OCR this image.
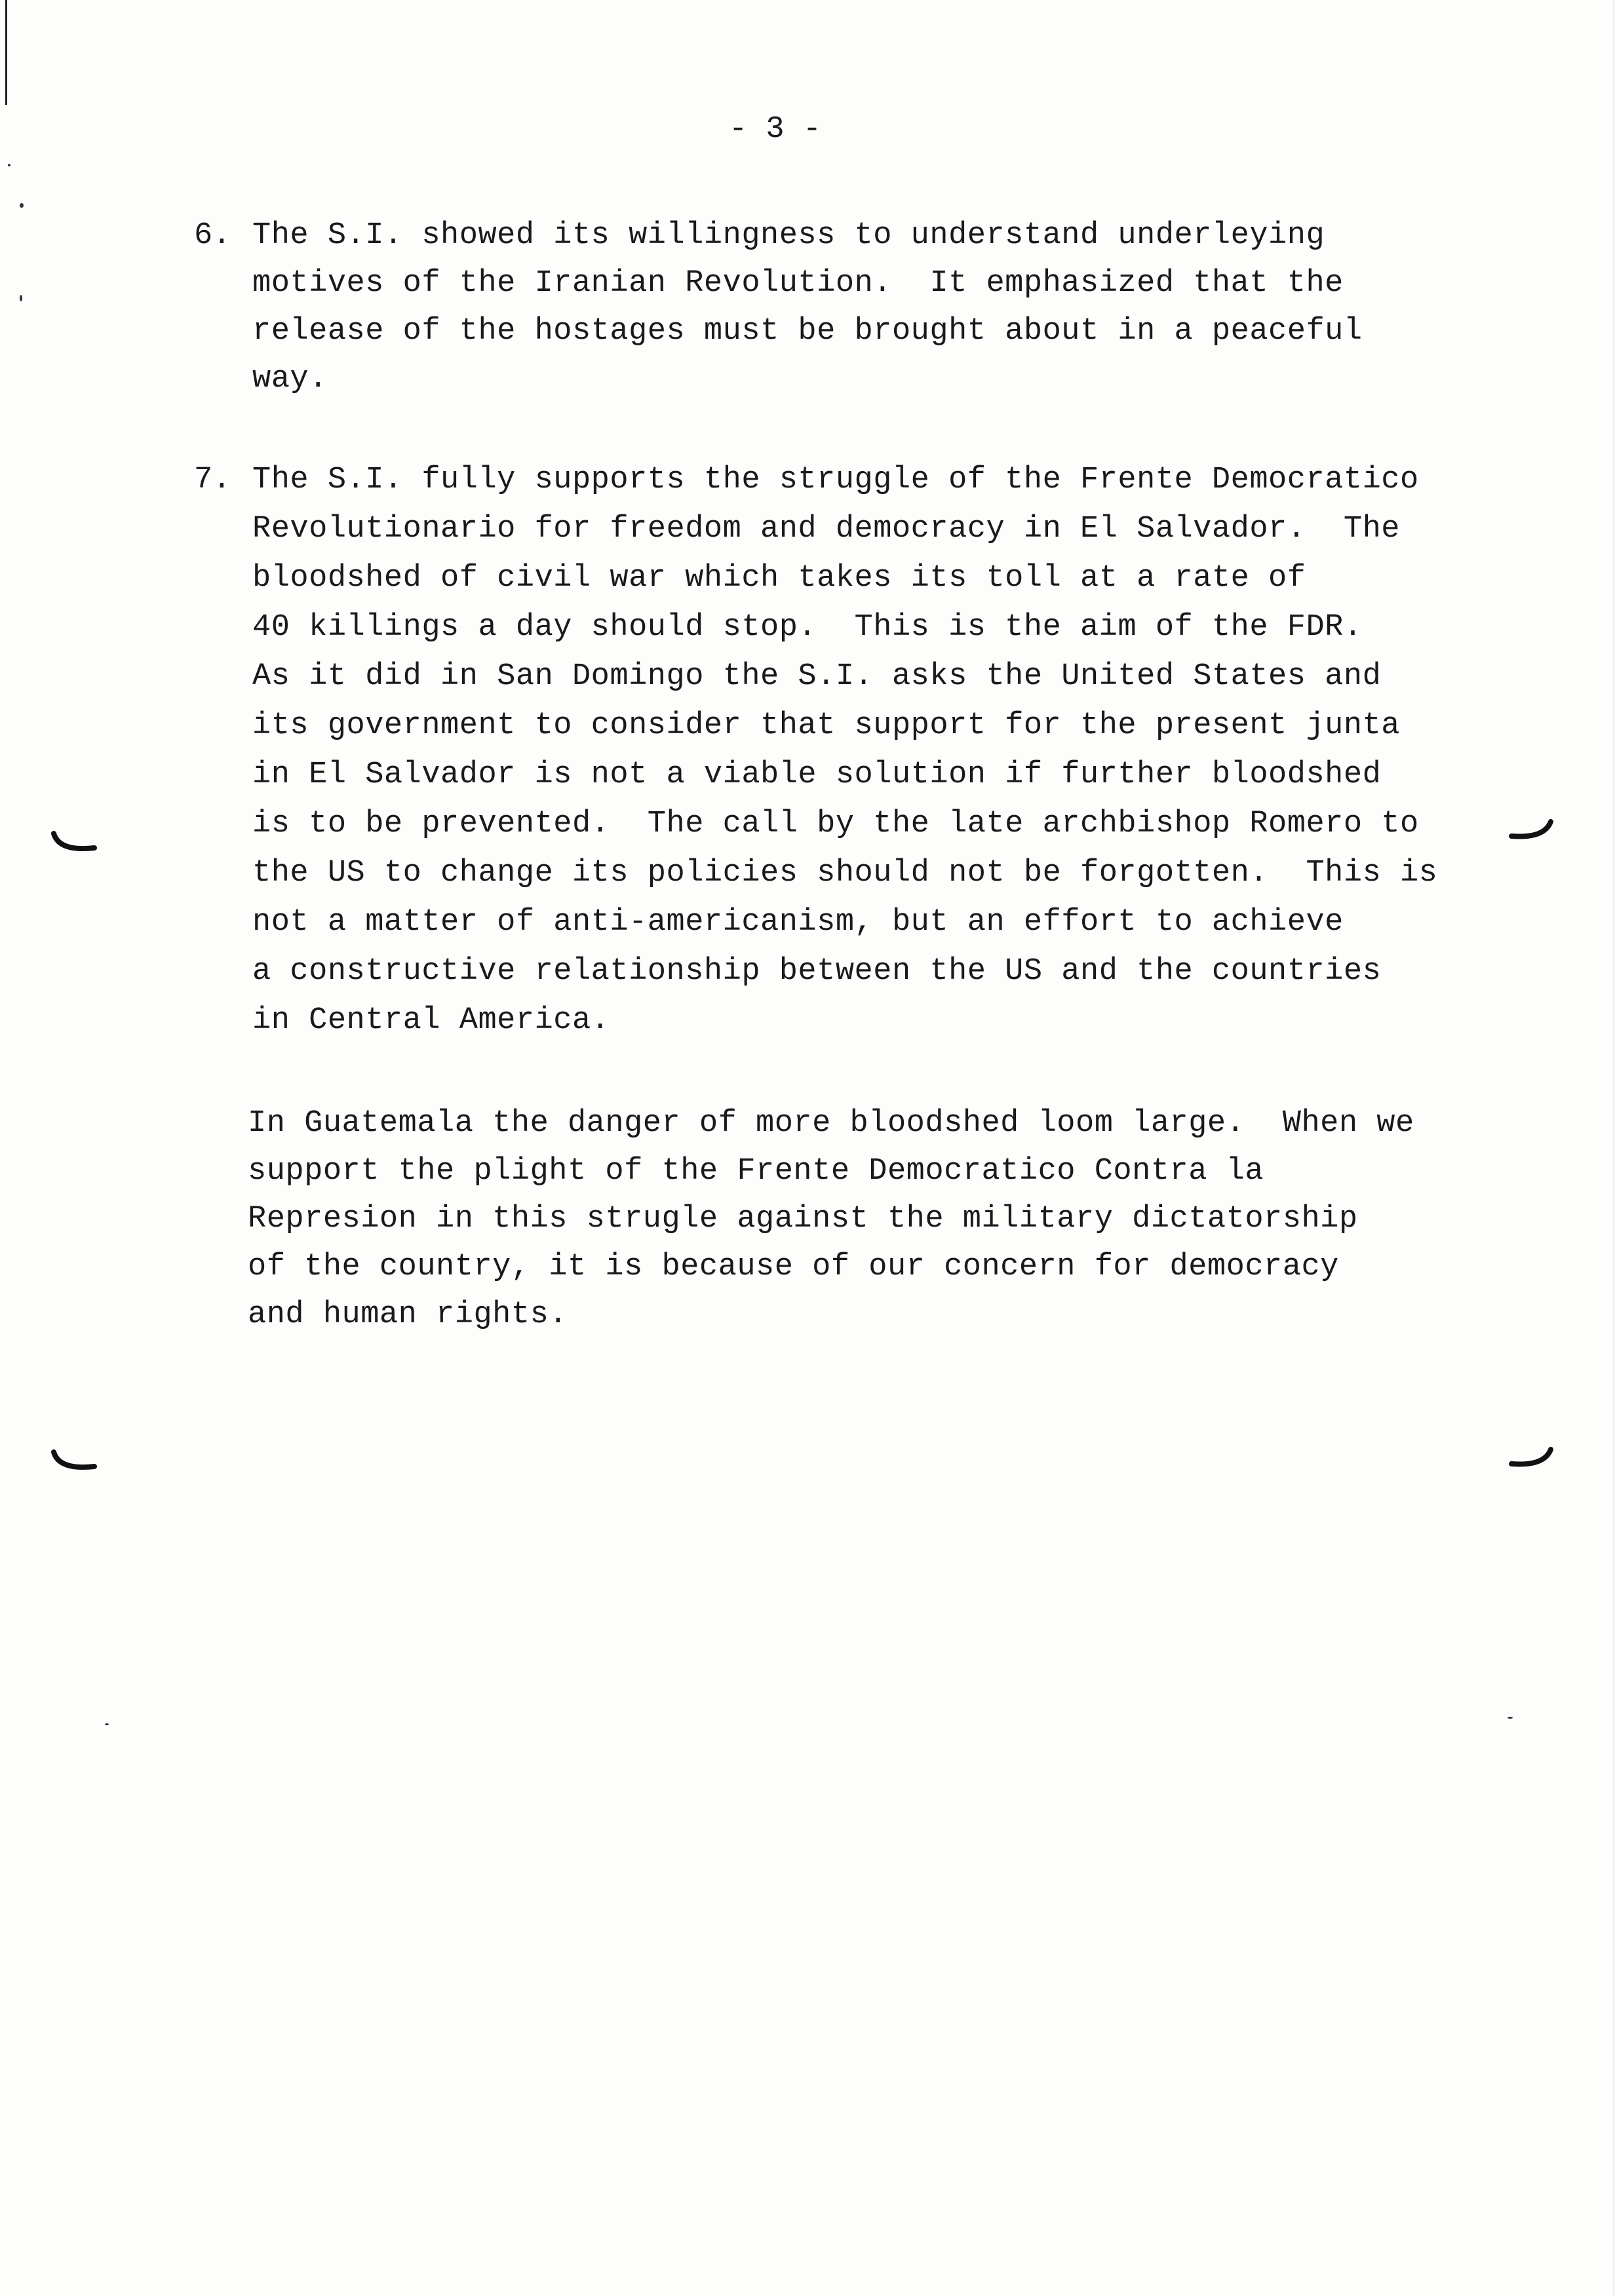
- 3 -
6. The S.I. showed its willingness to understand underleying
motives of the Iranian Revolution.  It emphasized that the
release of the hostages must be brought about in a peaceful
way.
7. The S.I. fully supports the struggle of the Frente Democratico
Revolutionario for freedom and democracy in El Salvador.  The
bloodshed of civil war which takes its toll at a rate of
40 killings a day should stop.  This is the aim of the FDR.
As it did in San Domingo the S.I. asks the United States and
its government to consider that support for the present junta
in El Salvador is not a viable solution if further bloodshed
is to be prevented.  The call by the late archbishop Romero to
the US to change its policies should not be forgotten.  This is
not a matter of anti-americanism, but an effort to achieve
a constructive relationship between the US and the countries
in Central America.
In Guatemala the danger of more bloodshed loom large.  When we
support the plight of the Frente Democratico Contra la
Represion in this strugle against the military dictatorship
of the country, it is because of our concern for democracy
and human rights.
